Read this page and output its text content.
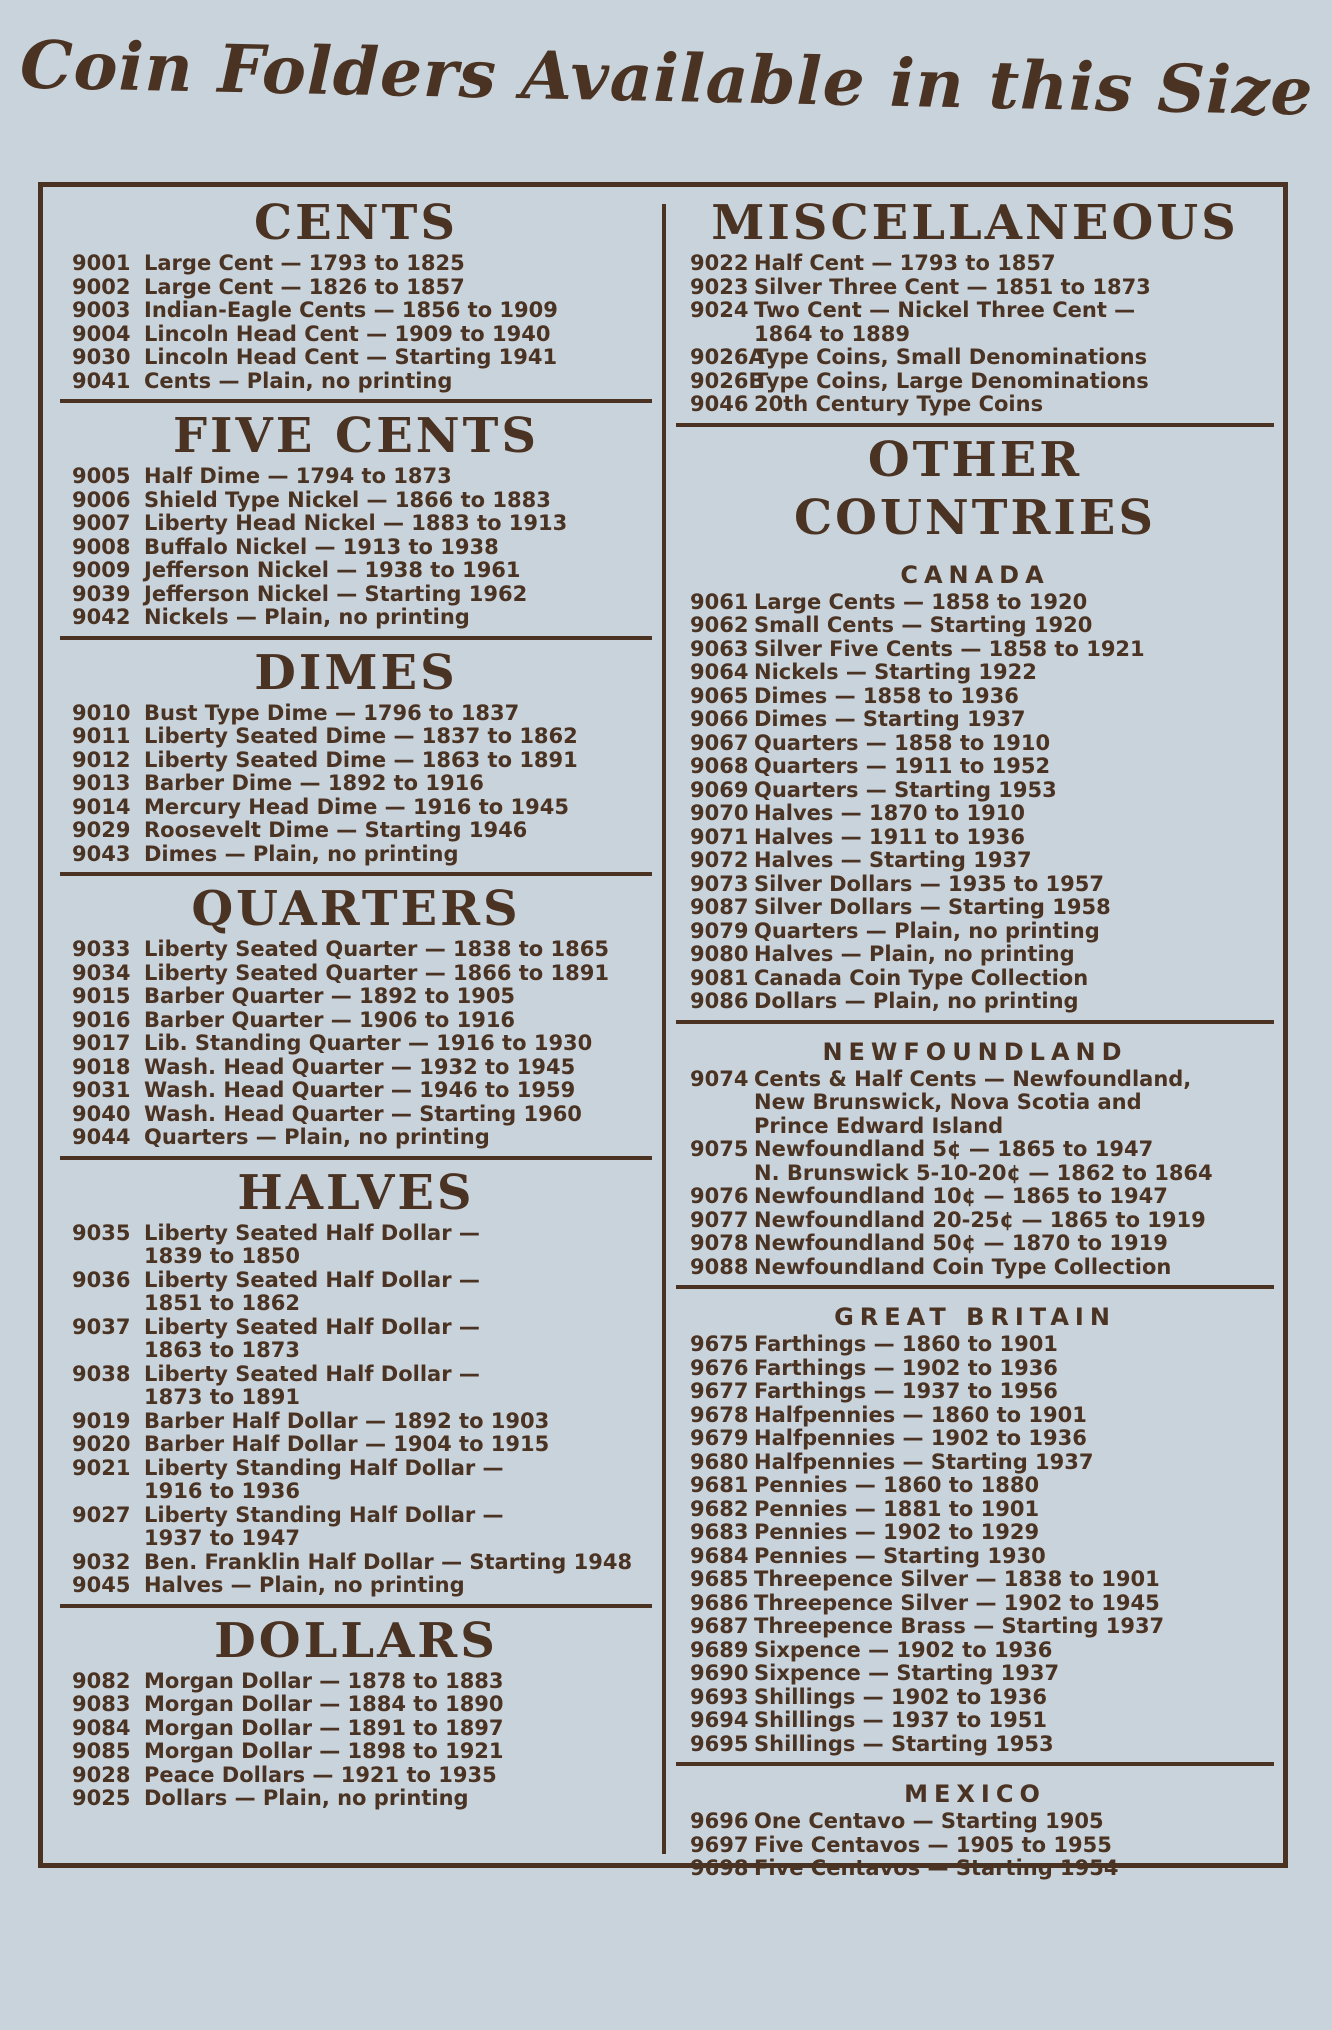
Coin Folders Available in this Size
CENTS
9001 Large Cent — 1793 to 1825
9002 Large Cent — 1826 to 1857
9003 Indian-Eagle Cents — 1856 to 1909
9004 Lincoln Head Cent — 1909 to 1940
9030 Lincoln Head Cent — Starting 1941
9041 Cents — Plain, no printing
FIVE CENTS
9005 Half Dime — 1794 to 1873
9006 Shield Type Nickel — 1866 to 1883
9007 Liberty Head Nickel — 1883 to 1913
9008 Buffalo Nickel — 1913 to 1938
9009 Jefferson Nickel — 1938 to 1961
9039 Jefferson Nickel — Starting 1962
9042 Nickels — Plain, no printing
DIMES
9010 Bust Type Dime — 1796 to 1837
9011 Liberty Seated Dime — 1837 to 1862
9012 Liberty Seated Dime — 1863 to 1891
9013 Barber Dime — 1892 to 1916
9014 Mercury Head Dime — 1916 to 1945
9029 Roosevelt Dime — Starting 1946
9043 Dimes — Plain, no printing
QUARTERS
9033 Liberty Seated Quarter — 1838 to 1865
9034 Liberty Seated Quarter — 1866 to 1891
9015 Barber Quarter — 1892 to 1905
9016 Barber Quarter — 1906 to 1916
9017 Lib. Standing Quarter — 1916 to 1930
9018 Wash. Head Quarter — 1932 to 1945
9031 Wash. Head Quarter — 1946 to 1959
9040 Wash. Head Quarter — Starting 1960
9044 Quarters — Plain, no printing
HALVES
9035 Liberty Seated Half Dollar —
1839 to 1850
9036 Liberty Seated Half Dollar —
1851 to 1862
9037 Liberty Seated Half Dollar —
1863 to 1873
9038 Liberty Seated Half Dollar —
1873 to 1891
9019 Barber Half Dollar — 1892 to 1903
9020 Barber Half Dollar — 1904 to 1915
9021 Liberty Standing Half Dollar —
1916 to 1936
9027 Liberty Standing Half Dollar —
1937 to 1947
9032 Ben. Franklin Half Dollar — Starting 1948
9045 Halves — Plain, no printing
DOLLARS
9082 Morgan Dollar — 1878 to 1883
9083 Morgan Dollar — 1884 to 1890
9084 Morgan Dollar — 1891 to 1897
9085 Morgan Dollar — 1898 to 1921
9028 Peace Dollars — 1921 to 1935
9025 Dollars — Plain, no printing
MISCELLANEOUS
9022 Half Cent — 1793 to 1857
9023 Silver Three Cent — 1851 to 1873
9024 Two Cent — Nickel Three Cent —
1864 to 1889
9026A
Type Coins, Small Denominations
9026B
Type Coins, Large Denominations
9046 20th Century Type Coins
OTHER COUNTRIES
CANADA
9061 Large Cents — 1858 to 1920
9062 Small Cents — Starting 1920
9063 Silver Five Cents — 1858 to 1921
9064 Nickels — Starting 1922
9065 Dimes — 1858 to 1936
9066 Dimes — Starting 1937
9067 Quarters — 1858 to 1910
9068 Quarters — 1911 to 1952
9069 Quarters — Starting 1953
9070 Halves — 1870 to 1910
9071 Halves — 1911 to 1936
9072 Halves — Starting 1937
9073 Silver Dollars — 1935 to 1957
9087 Silver Dollars — Starting 1958
9079 Quarters — Plain, no printing
9080 Halves — Plain, no printing
9081 Canada Coin Type Collection
9086 Dollars — Plain, no printing
NEWFOUNDLAND
9074 Cents & Half Cents — Newfoundland,
New Brunswick, Nova Scotia and
Prince Edward Island
9075 Newfoundland 5¢ — 1865 to 1947
N. Brunswick 5-10-20¢ — 1862 to 1864
9076 Newfoundland 10¢ — 1865 to 1947
9077 Newfoundland 20-25¢ — 1865 to 1919
9078 Newfoundland 50¢ — 1870 to 1919
9088 Newfoundland Coin Type Collection
GREAT BRITAIN
9675 Farthings — 1860 to 1901
9676 Farthings — 1902 to 1936
9677 Farthings — 1937 to 1956
9678 Halfpennies — 1860 to 1901
9679 Halfpennies — 1902 to 1936
9680 Halfpennies — Starting 1937
9681 Pennies — 1860 to 1880
9682 Pennies — 1881 to 1901
9683 Pennies — 1902 to 1929
9684 Pennies — Starting 1930
9685 Threepence Silver — 1838 to 1901
9686 Threepence Silver — 1902 to 1945
9687 Threepence Brass — Starting 1937
9689 Sixpence — 1902 to 1936
9690 Sixpence — Starting 1937
9693 Shillings — 1902 to 1936
9694 Shillings — 1937 to 1951
9695 Shillings — Starting 1953
MEXICO
9696 One Centavo — Starting 1905
9697 Five Centavos — 1905 to 1955
9698 Five Centavos — Starting 1954
